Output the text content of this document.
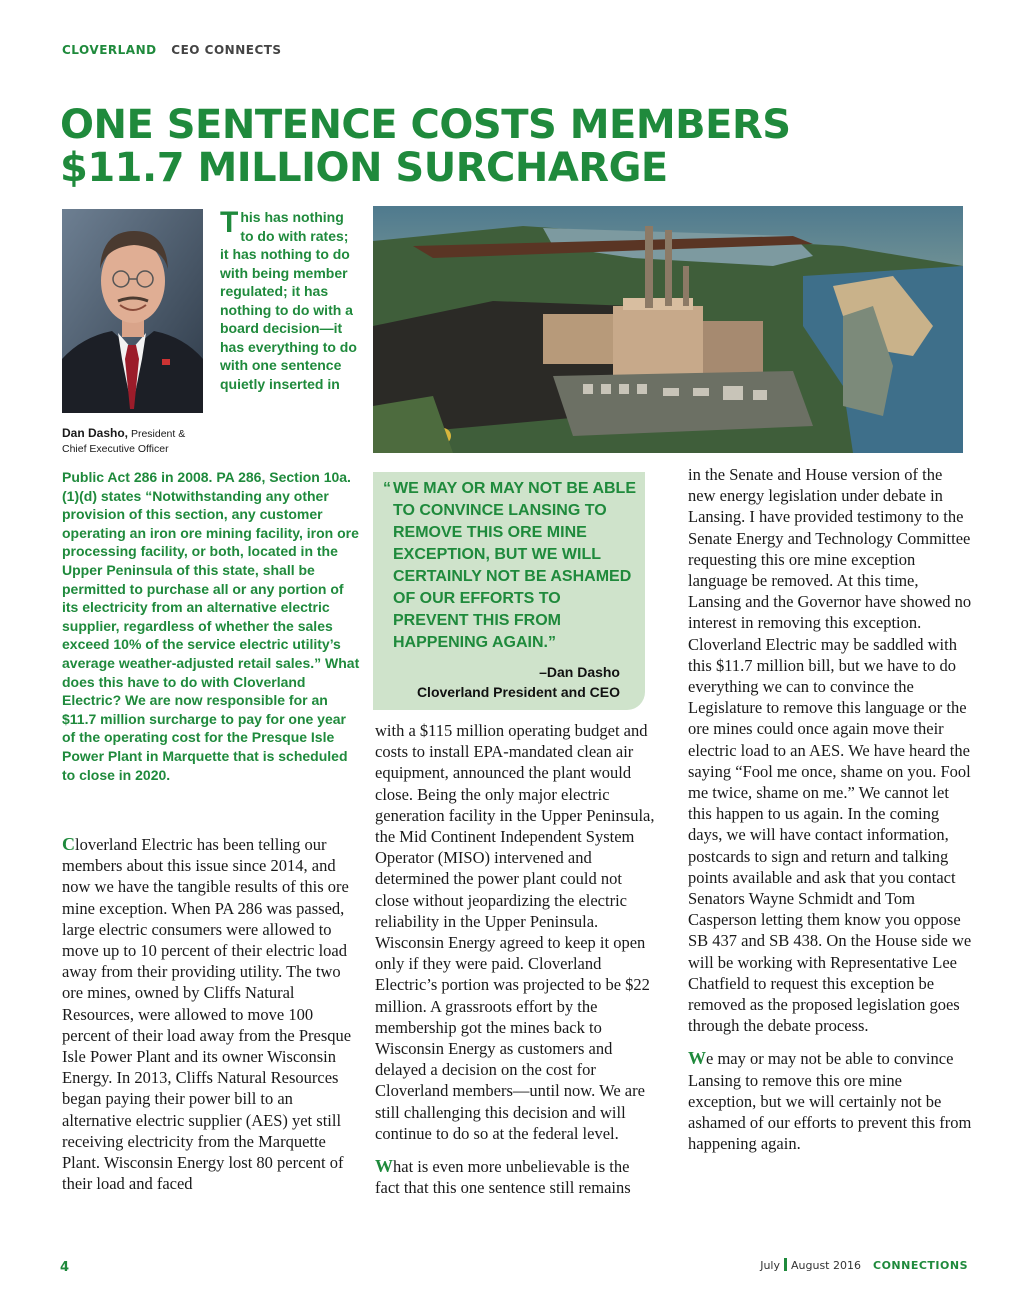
CLOVERLAND CEO CONNECTS
ONE SENTENCE COSTS MEMBERS
$11.7 MILLION SURCHARGE
Dan Dasho, President &
Chief Executive Officer

This has nothing to do with rates; it has nothing to do with being member regulated; it has nothing to do with a board decision—it has everything to do with one sentence quietly inserted in

Public Act 286 in 2008. PA 286, Section 10a. (1)(d) states “Notwithstanding any other provision of this section, any customer operating an iron ore mining facility, iron ore processing facility, or both, located in the Upper Peninsula of this state, shall be permitted to purchase all or any portion of its electricity from an alternative electric supplier, regardless of whether the sales exceed 10% of the service electric utility’s average weather-adjusted retail sales.” What does this have to do with Cloverland Electric? We are now responsible for an $11.7 million surcharge to pay for one year of the operating cost for the Presque Isle Power Plant in Marquette that is scheduled to close in 2020.

Cloverland Electric has been telling our members about this issue since 2014, and now we have the tangible results of this ore mine exception. When PA 286 was passed, large electric consumers were allowed to move up to 10 percent of their electric load away from their providing utility. The two ore mines, owned by Cliffs Natural Resources, were allowed to move 100 percent of their load away from the Presque Isle Power Plant and its owner Wisconsin Energy. In 2013, Cliffs Natural Resources began paying their power bill to an alternative electric supplier (AES) yet still receiving electricity from the Marquette Plant. Wisconsin Energy lost 80 percent of their load and faced

“ WE MAY OR MAY NOT BE ABLE TO CONVINCE LANSING TO REMOVE THIS ORE MINE EXCEPTION, BUT WE WILL CERTAINLY NOT BE ASHAMED OF OUR EFFORTS TO PREVENT THIS FROM HAPPENING AGAIN.”
–Dan Dasho
Cloverland President and CEO

with a $115 million operating budget and costs to install EPA-mandated clean air equipment, announced the plant would close. Being the only major electric generation facility in the Upper Peninsula, the Mid Continent Independent System Operator (MISO) intervened and determined the power plant could not close without jeopardizing the electric reliability in the Upper Peninsula. Wisconsin Energy agreed to keep it open only if they were paid. Cloverland Electric’s portion was projected to be $22 million. A grassroots effort by the membership got the mines back to Wisconsin Energy as customers and delayed a decision on the cost for Cloverland members—until now. We are still challenging this decision and will continue to do so at the federal level.

What is even more unbelievable is the fact that this one sentence still remains

in the Senate and House version of the new energy legislation under debate in Lansing. I have provided testimony to the Senate Energy and Technology Committee requesting this ore mine exception language be removed. At this time, Lansing and the Governor have showed no interest in removing this exception. Cloverland Electric may be saddled with this $11.7 million bill, but we have to do everything we can to convince the Legislature to remove this language or the ore mines could once again move their electric load to an AES. We have heard the saying “Fool me once, shame on you. Fool me twice, shame on me.” We cannot let this happen to us again. In the coming days, we will have contact information, postcards to sign and return and talking points available and ask that you contact Senators Wayne Schmidt and Tom Casperson letting them know you oppose SB 437 and SB 438. On the House side we will be working with Representative Lee Chatfield to request this exception be removed as the proposed legislation goes through the debate process.

We may or may not be able to convince Lansing to remove this ore mine exception, but we will certainly not be ashamed of our efforts to prevent this from happening again.

4	July August 2016 CONNECTIONS
